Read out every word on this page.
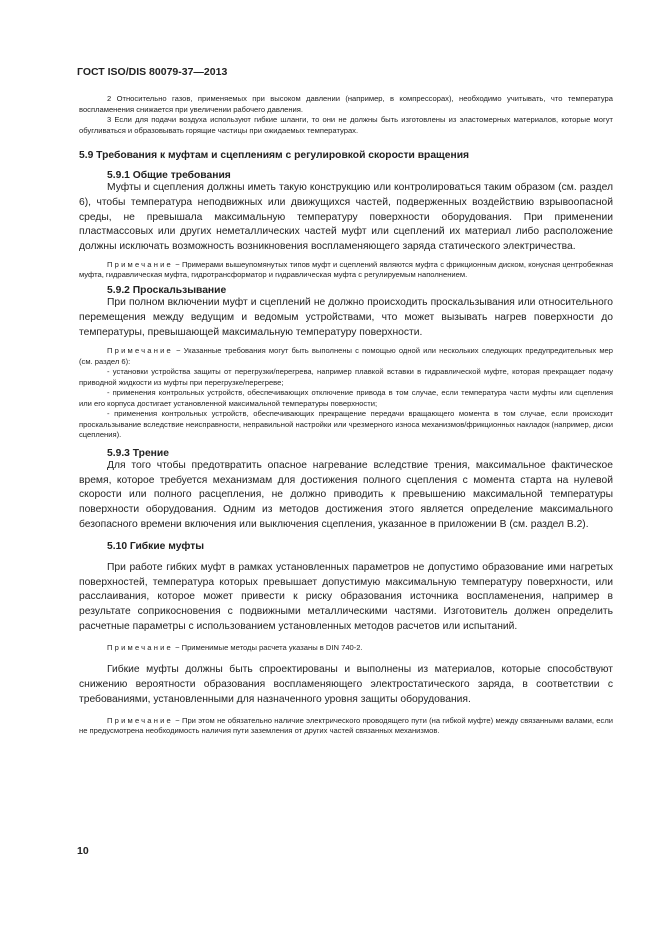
ГОСТ ISO/DIS 80079-37—2013

2 Относительно газов, применяемых при высоком давлении (например, в компрессорах), необходимо учитывать, что температура воспламенения снижается при увеличении рабочего давления.

3 Если для подачи воздуха используют гибкие шланги, то они не должны быть изготовлены из эластомерных материалов, которые могут обугливаться и образовывать горящие частицы при ожидаемых температурах.

5.9 Требования к муфтам и сцеплениям с регулировкой скорости вращения

5.9.1 Общие требования

Муфты и сцепления должны иметь такую конструкцию или контролироваться таким образом (см. раздел 6), чтобы температура неподвижных или движущихся частей, подверженных воздействию взрывоопасной среды, не превышала максимальную температуру поверхности оборудования. При применении пластмассовых или других неметаллических частей муфт или сцеплений их материал либо расположение должны исключать возможность возникновения воспламеняющего заряда статического электричества.

Примечание − Примерами вышеупомянутых типов муфт и сцеплений являются муфта с фрикционным диском, конусная центробежная муфта, гидравлическая муфта, гидротрансформатор и гидравлическая муфта с регулируемым наполнением.

5.9.2 Проскальзывание

При полном включении муфт и сцеплений не должно происходить проскальзывания или относительного перемещения между ведущим и ведомым устройствами, что может вызывать нагрев поверхности до температуры, превышающей максимальную температуру поверхности.

Примечание − Указанные требования могут быть выполнены с помощью одной или нескольких следующих предупредительных мер (см. раздел 6):

- установки устройства защиты от перегрузки/перегрева, например плавкой вставки в гидравлической муфте, которая прекращает подачу приводной жидкости из муфты при перегрузке/перегреве;

- применения контрольных устройств, обеспечивающих отключение привода в том случае, если температура части муфты или сцепления или его корпуса достигает установленной максимальной температуры поверхности;

- применения контрольных устройств, обеспечивающих прекращение передачи вращающего момента в том случае, если происходит проскальзывание вследствие неисправности, неправильной настройки или чрезмерного износа механизмов/фрикционных накладок (например, диски сцепления).

5.9.3 Трение

Для того чтобы предотвратить опасное нагревание вследствие трения, максимальное фактическое время, которое требуется механизмам для достижения полного сцепления с момента старта на нулевой скорости или полного расцепления, не должно приводить к превышению максимальной температуры поверхности оборудования. Одним из методов достижения этого является определение максимального безопасного времени включения или выключения сцепления, указанное в приложении В (см. раздел В.2).

5.10 Гибкие муфты

При работе гибких муфт в рамках установленных параметров не допустимо образование ими нагретых поверхностей, температура которых превышает допустимую максимальную температуру поверхности, или расслаивания, которое может привести к риску образования источника воспламенения, например в результате соприкосновения с подвижными металлическими частями. Изготовитель должен определить расчетные параметры с использованием установленных методов расчетов или испытаний.

Примечание − Применимые методы расчета указаны в DIN 740-2.

Гибкие муфты должны быть спроектированы и выполнены из материалов, которые способствуют снижению вероятности образования воспламеняющего электростатического заряда, в соответствии с требованиями, установленными для назначенного уровня защиты оборудования.

Примечание − При этом не обязательно наличие электрического проводящего пути (на гибкой муфте) между связанными валами, если не предусмотрена необходимость наличия пути заземления от других частей связанных механизмов.

10
